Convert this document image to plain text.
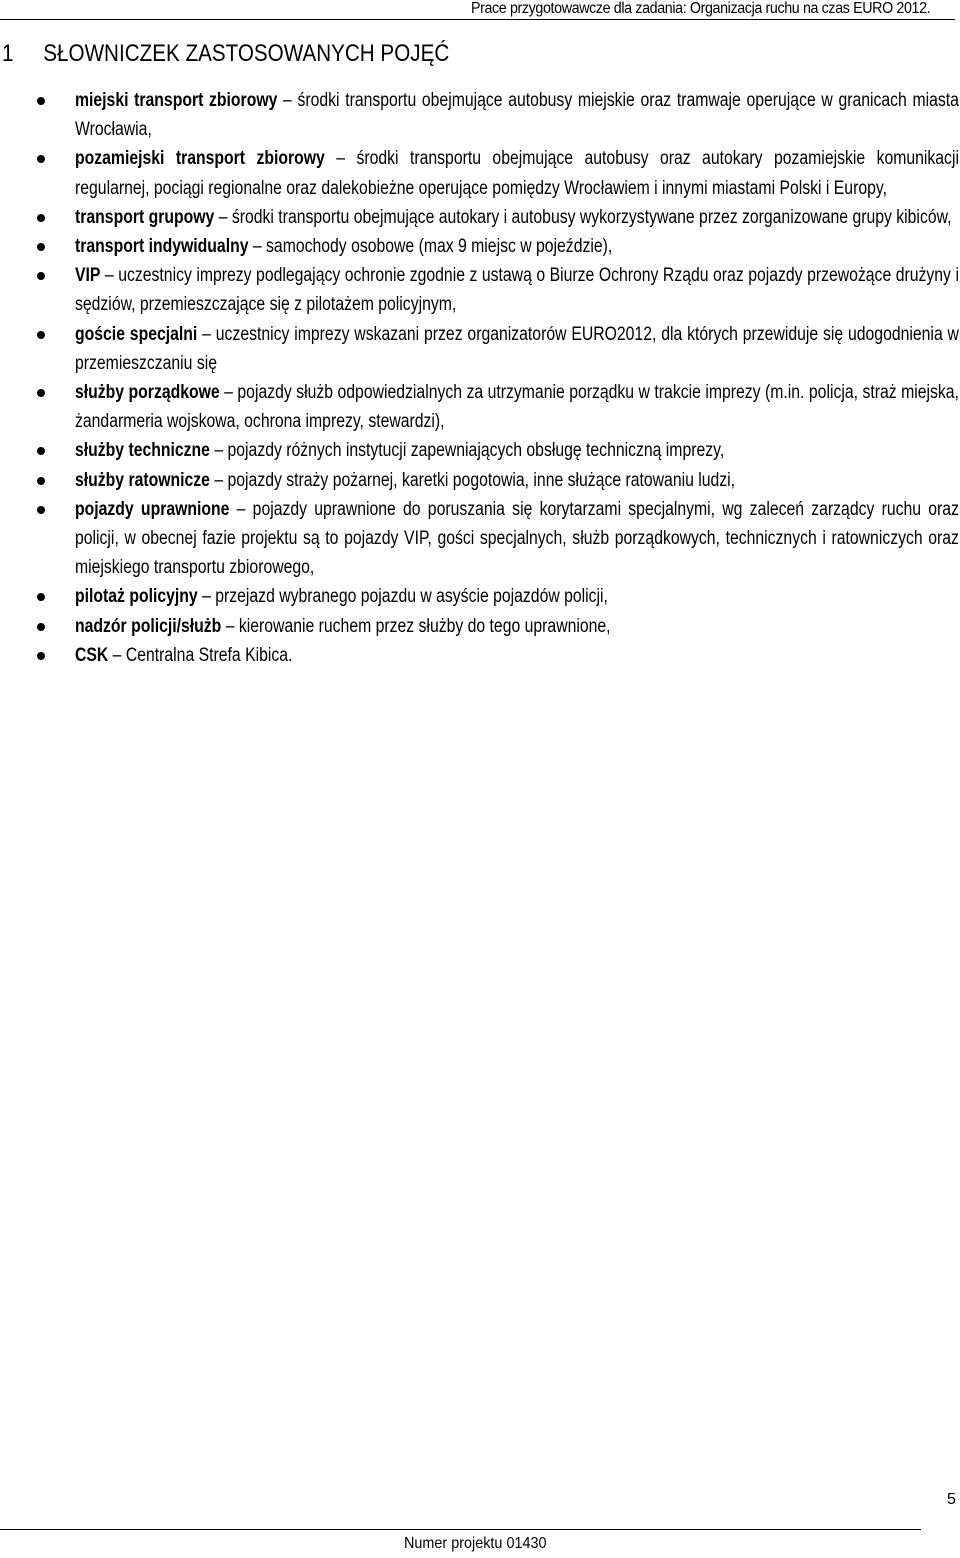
Prace przygotowawcze dla zadania: Organizacja ruchu na czas EURO 2012.
1 SŁOWNICZEK ZASTOSOWANYCH POJĘĆ
miejski transport zbiorowy – środki transportu obejmujące autobusy miejskie oraz tramwaje operujące w granicach miasta Wrocławia,
pozamiejski transport zbiorowy – środki transportu obejmujące autobusy oraz autokary pozamiejskie komunikacji regularnej, pociągi regionalne oraz dalekobieżne operujące pomiędzy Wrocławiem i innymi miastami Polski i Europy,
transport grupowy – środki transportu obejmujące autokary i autobusy wykorzystywane przez zorganizowane grupy kibiców,
transport indywidualny – samochody osobowe (max 9 miejsc w pojeździe),
VIP – uczestnicy imprezy podlegający ochronie zgodnie z ustawą o Biurze Ochrony Rządu oraz pojazdy przewożące drużyny i sędziów, przemieszczające się z pilotażem policyjnym,
goście specjalni – uczestnicy imprezy wskazani przez organizatorów EURO2012, dla których przewiduje się udogodnienia w przemieszczaniu się
służby porządkowe – pojazdy służb odpowiedzialnych za utrzymanie porządku w trakcie imprezy (m.in. policja, straż miejska, żandarmeria wojskowa, ochrona imprezy, stewardzi),
służby techniczne – pojazdy różnych instytucji zapewniających obsługę techniczną imprezy,
służby ratownicze – pojazdy straży pożarnej, karetki pogotowia, inne służące ratowaniu ludzi,
pojazdy uprawnione – pojazdy uprawnione do poruszania się korytarzami specjalnymi, wg zaleceń zarządcy ruchu oraz policji, w obecnej fazie projektu są to pojazdy VIP, gości specjalnych, służb porządkowych, technicznych i ratowniczych oraz miejskiego transportu zbiorowego,
pilotaż policyjny – przejazd wybranego pojazdu w asyście pojazdów policji,
nadzór policji/służb – kierowanie ruchem przez służby do tego uprawnione,
CSK – Centralna Strefa Kibica.
5
Numer projektu 01430
